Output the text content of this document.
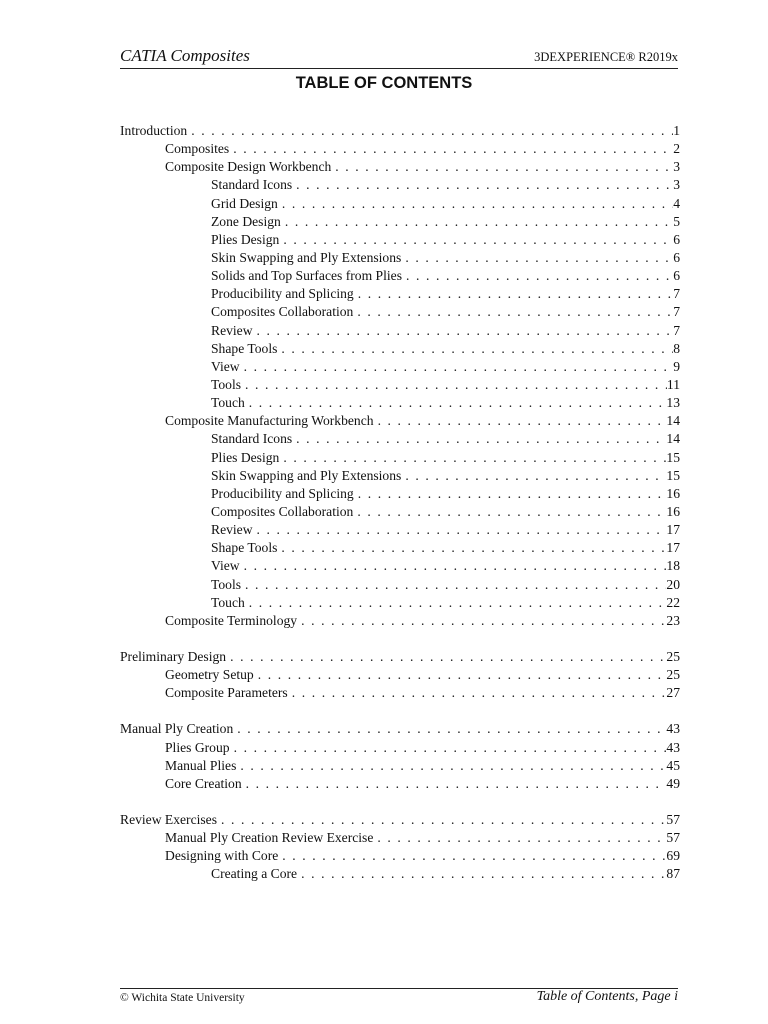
CATIA Composites	3DEXPERIENCE® R2019x
TABLE OF CONTENTS
Introduction . . .	1
Composites . . .	2
Composite Design Workbench . . .	3
Standard Icons . . .	3
Grid Design . . .	4
Zone Design . . .	5
Plies Design . . .	6
Skin Swapping and Ply Extensions . . .	6
Solids and Top Surfaces from Plies . . .	6
Producibility and Splicing . . .	7
Composites Collaboration . . .	7
Review . . .	7
Shape Tools . . .	8
View . . .	9
Tools . . .	11
Touch . . .	13
Composite Manufacturing Workbench . . .	14
Standard Icons . . .	14
Plies Design . . .	15
Skin Swapping and Ply Extensions . . .	15
Producibility and Splicing . . .	16
Composites Collaboration . . .	16
Review . . .	17
Shape Tools . . .	17
View . . .	18
Tools . . .	20
Touch . . .	22
Composite Terminology . . .	23
Preliminary Design . . .	25
Geometry Setup . . .	25
Composite Parameters . . .	27
Manual Ply Creation . . .	43
Plies Group . . .	43
Manual Plies . . .	45
Core Creation . . .	49
Review Exercises . . .	57
Manual Ply Creation Review Exercise . . .	57
Designing with Core . . .	69
Creating a Core . . .	87
© Wichita State University	Table of Contents, Page i
